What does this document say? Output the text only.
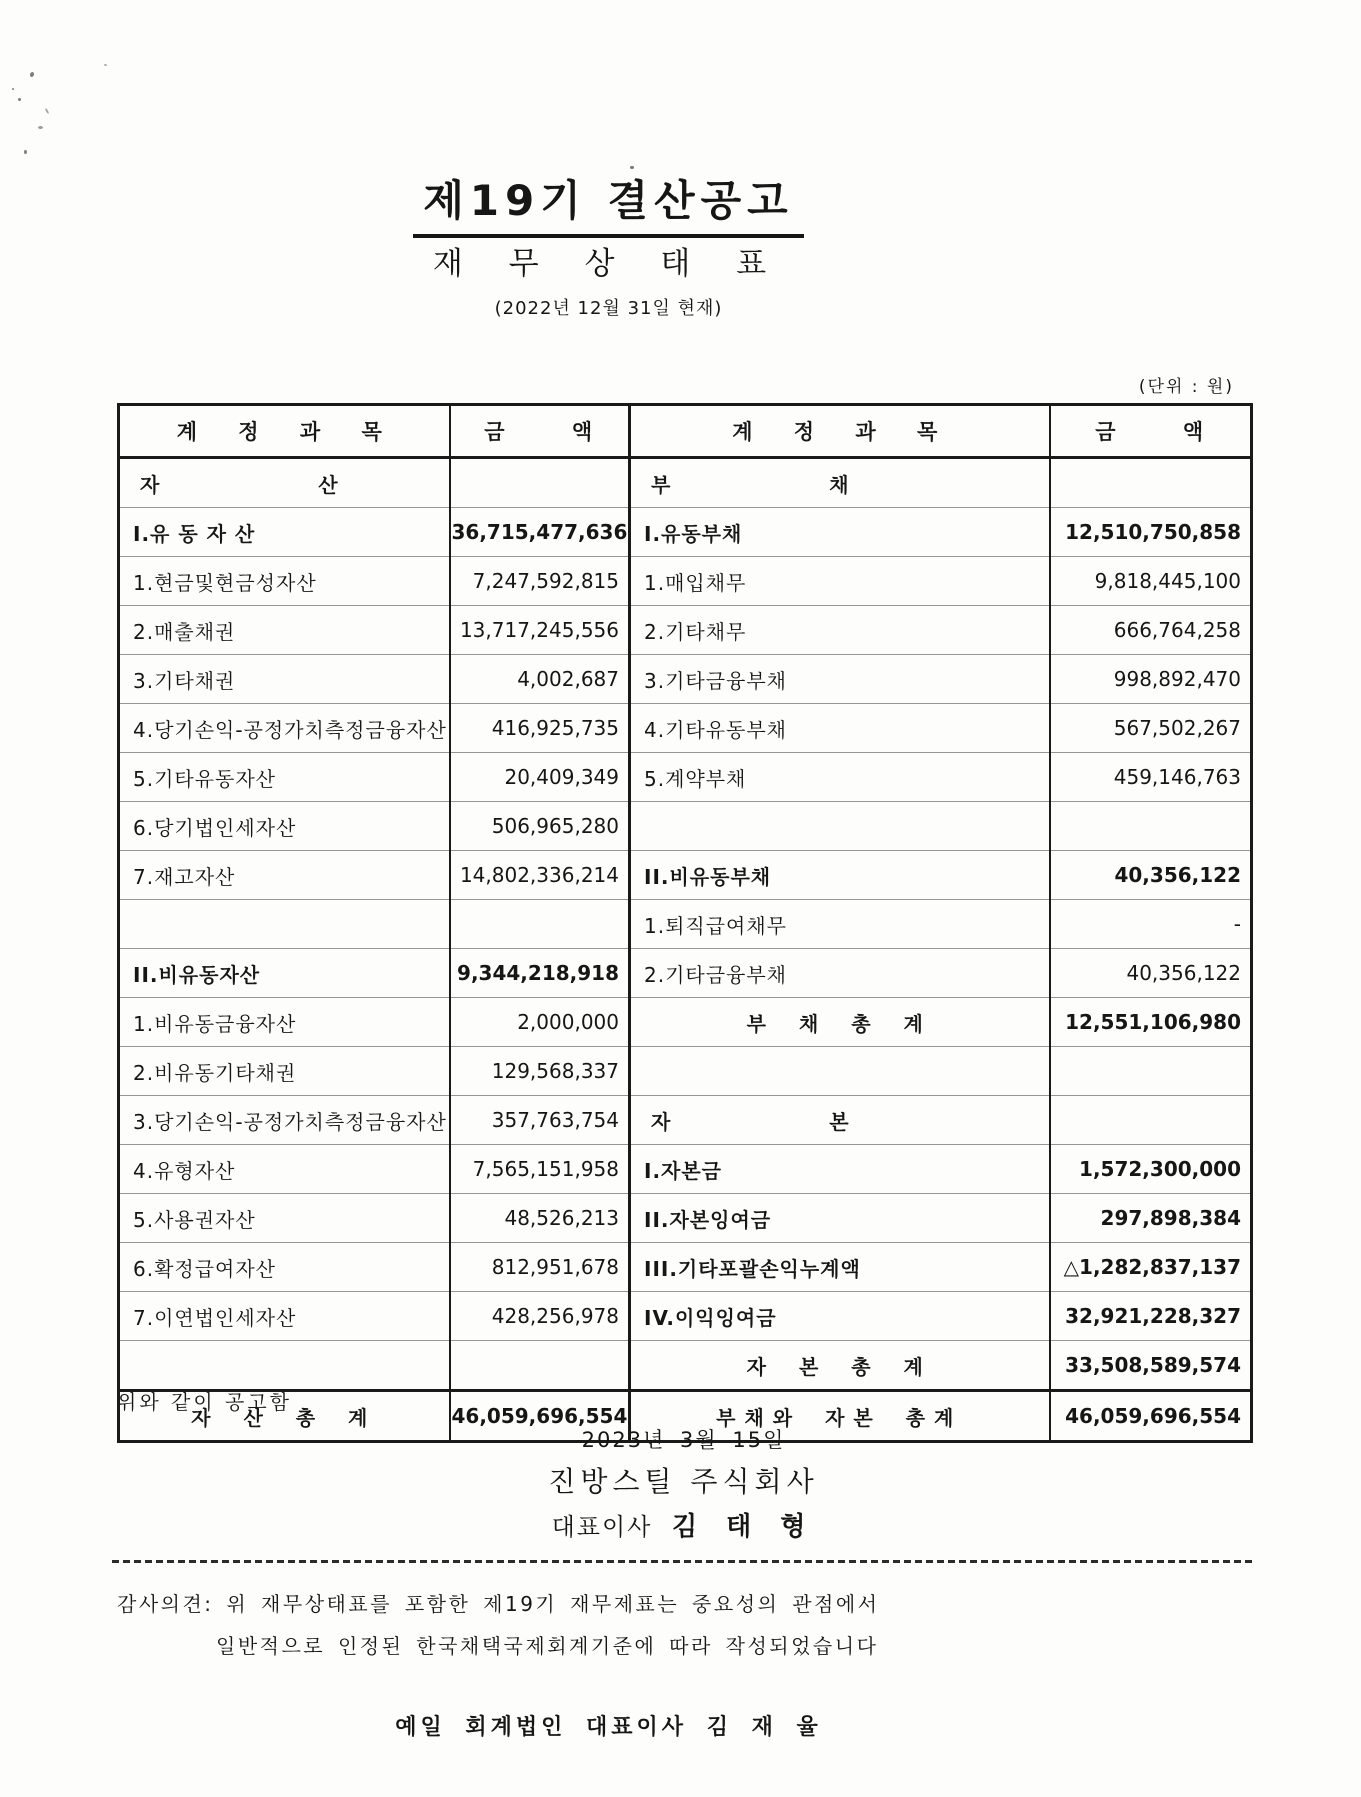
제19기 결산공고
재 무 상 태 표
(2022년 12월 31일 현재)
(단위 : 원)
계 정 과 목	금 액	계 정 과 목	금 액
자 산		부 채	
I.유 동 자 산	36,715,477,636	I.유동부채	12,510,750,858
1.현금및현금성자산	7,247,592,815	1.매입채무	9,818,445,100
2.매출채권	13,717,245,556	2.기타채무	666,764,258
3.기타채권	4,002,687	3.기타금융부채	998,892,470
4.당기손익-공정가치측정금융자산	416,925,735	4.기타유동부채	567,502,267
5.기타유동자산	20,409,349	5.계약부채	459,146,763
6.당기법인세자산	506,965,280		
7.재고자산	14,802,336,214	II.비유동부채	40,356,122
		1.퇴직급여채무	-
II.비유동자산	9,344,218,918	2.기타금융부채	40,356,122
1.비유동금융자산	2,000,000	부 채 총 계	12,551,106,980
2.비유동기타채권	129,568,337		
3.당기손익-공정가치측정금융자산	357,763,754	자 본	
4.유형자산	7,565,151,958	I.자본금	1,572,300,000
5.사용권자산	48,526,213	II.자본잉여금	297,898,384
6.확정급여자산	812,951,678	III.기타포괄손익누계액	△1,282,837,137
7.이연법인세자산	428,256,978	IV.이익잉여금	32,921,228,327
		자 본 총 계	33,508,589,574
자 산 총 계	46,059,696,554	부채와 자본 총계	46,059,696,554
위와 같이 공고함
2023년 3월 15일
진방스틸 주식회사
대표이사 김 태 형
감사의견: 위 재무상태표를 포함한 제19기 재무제표는 중요성의 관점에서
일반적으로 인정된 한국채택국제회계기준에 따라 작성되었습니다
예일 회계법인 대표이사 김 재 율
